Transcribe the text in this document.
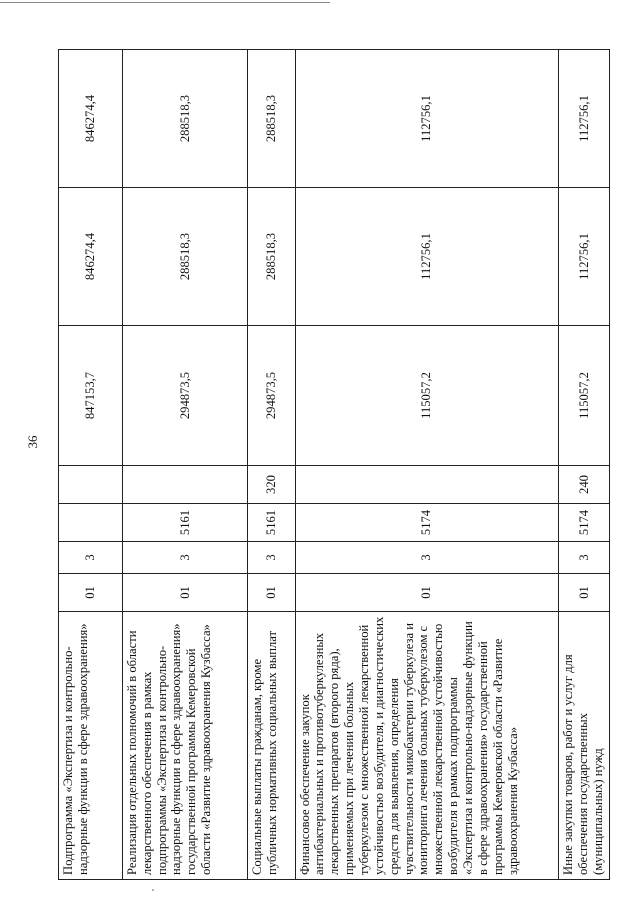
36
Подпрограмма «Экспертиза и контрольно-надзорные функции в сфере здравоохранения»	01	3			847153,7	846274,4	846274,4
Реализация отдельных полномочий в области лекарственного обеспечения в рамках подпрограммы «Экспертиза и контрольно-надзорные функции в сфере здравоохранения» государственной программы Кемеровской области «Развитие здравоохранения Кузбасса»	01	3	5161		294873,5	288518,3	288518,3
Социальные выплаты гражданам, кроме публичных нормативных социальных выплат	01	3	5161	320	294873,5	288518,3	288518,3
Финансовое обеспечение закупок антибактериальных и противотуберкулезных лекарственных препаратов (второго ряда), применяемых при лечении больных туберкулезом с множественной лекарственной устойчивостью возбудителя, и диагностических средств для выявления, определения чувствительности микобактерии туберкулеза и мониторинга лечения больных туберкулезом с множественной лекарственной устойчивостью возбудителя в рамках подпрограммы «Экспертиза и контрольно-надзорные функции в сфере здравоохранения» государственной программы Кемеровской области «Развитие здравоохранения Кузбасса»	01	3	5174		115057,2	112756,1	112756,1
Иные закупки товаров, работ и услуг для обеспечения государственных (муниципальных) нужд	01	3	5174	240	115057,2	112756,1	112756,1
